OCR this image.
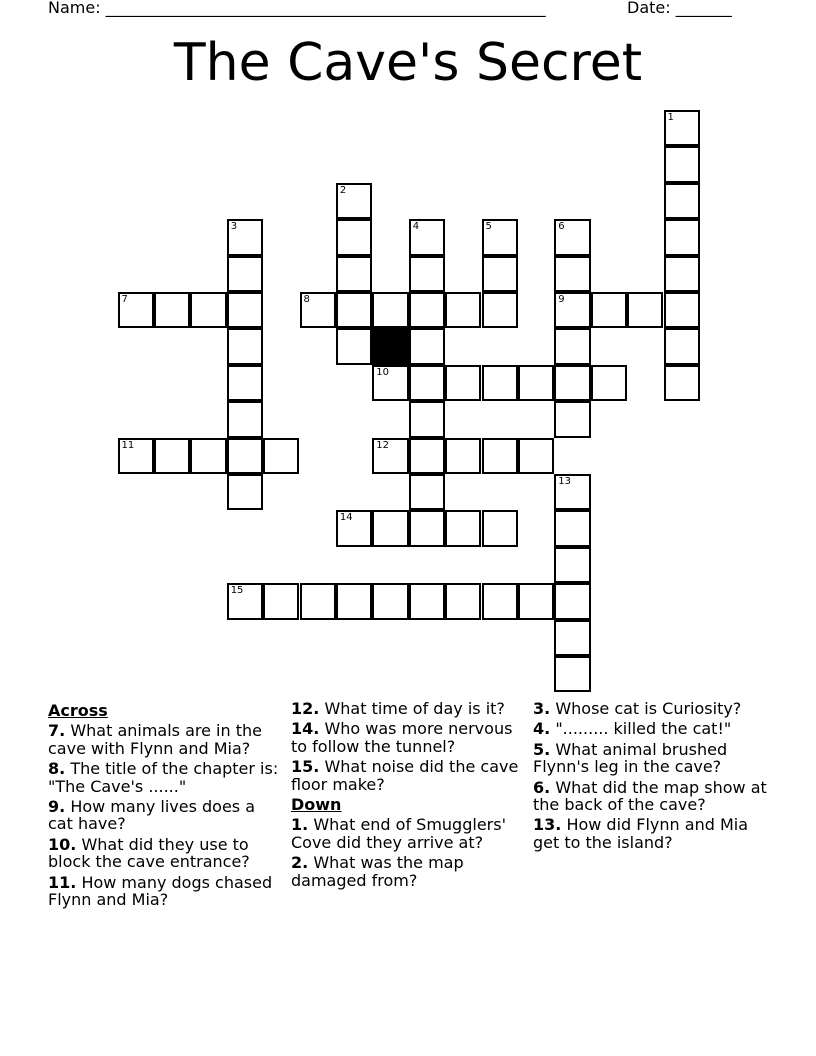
Name: _______________________________________________________	Date: _______
The Cave's Secret
1
2
3	4	5	6
9
7	8
10
11	12
13
14
15
Across
7. What animals are in the cave with Flynn and Mia?
8. The title of the chapter is: "The Cave's ......"
9. How many lives does a cat have?
10. What did they use to block the cave entrance?
11. How many dogs chased Flynn and Mia?
12. What time of day is it?
14. Who was more nervous to follow the tunnel?
15. What noise did the cave floor make?
Down
1. What end of Smugglers' Cove did they arrive at?
2. What was the map damaged from?
3. Whose cat is Curiosity?
4. "......... killed the cat!"
5. What animal brushed Flynn's leg in the cave?
6. What did the map show at the back of the cave?
13. How did Flynn and Mia get to the island?
